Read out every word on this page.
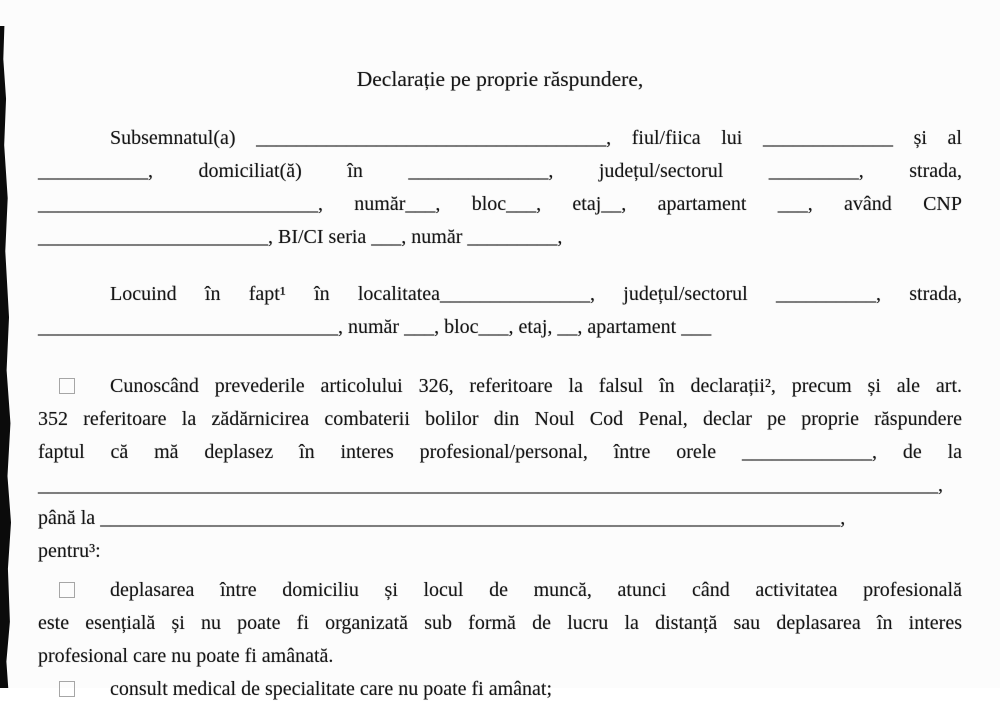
Declarație pe proprie răspundere,
Subsemnatul(a) ___________________________________, fiul/fiica lui _____________ și al
___________, domiciliat(ă) în ______________, județul/sectorul _________, strada,
____________________________, număr___, bloc___, etaj__, apartament ___, având CNP
_______________________, BI/CI seria ___, număr _________,
Locuind în fapt¹ în localitatea_______________, județul/sectorul __________, strada,
______________________________, număr ___, bloc___, etaj, __, apartament ___
Cunoscând prevederile articolului 326, referitoare la falsul în declarații², precum și ale art.
352 referitoare la zădărnicirea combaterii bolilor din Noul Cod Penal, declar pe proprie răspundere
faptul că mă deplasez în interes profesional/personal, între orele _____________, de la
__________________________________________________________________________________________,
până la __________________________________________________________________________,
pentru³:
deplasarea între domiciliu și locul de muncă, atunci când activitatea profesională
este esențială și nu poate fi organizată sub formă de lucru la distanță sau deplasarea în interes
profesional care nu poate fi amânată.
consult medical de specialitate care nu poate fi amânat;
